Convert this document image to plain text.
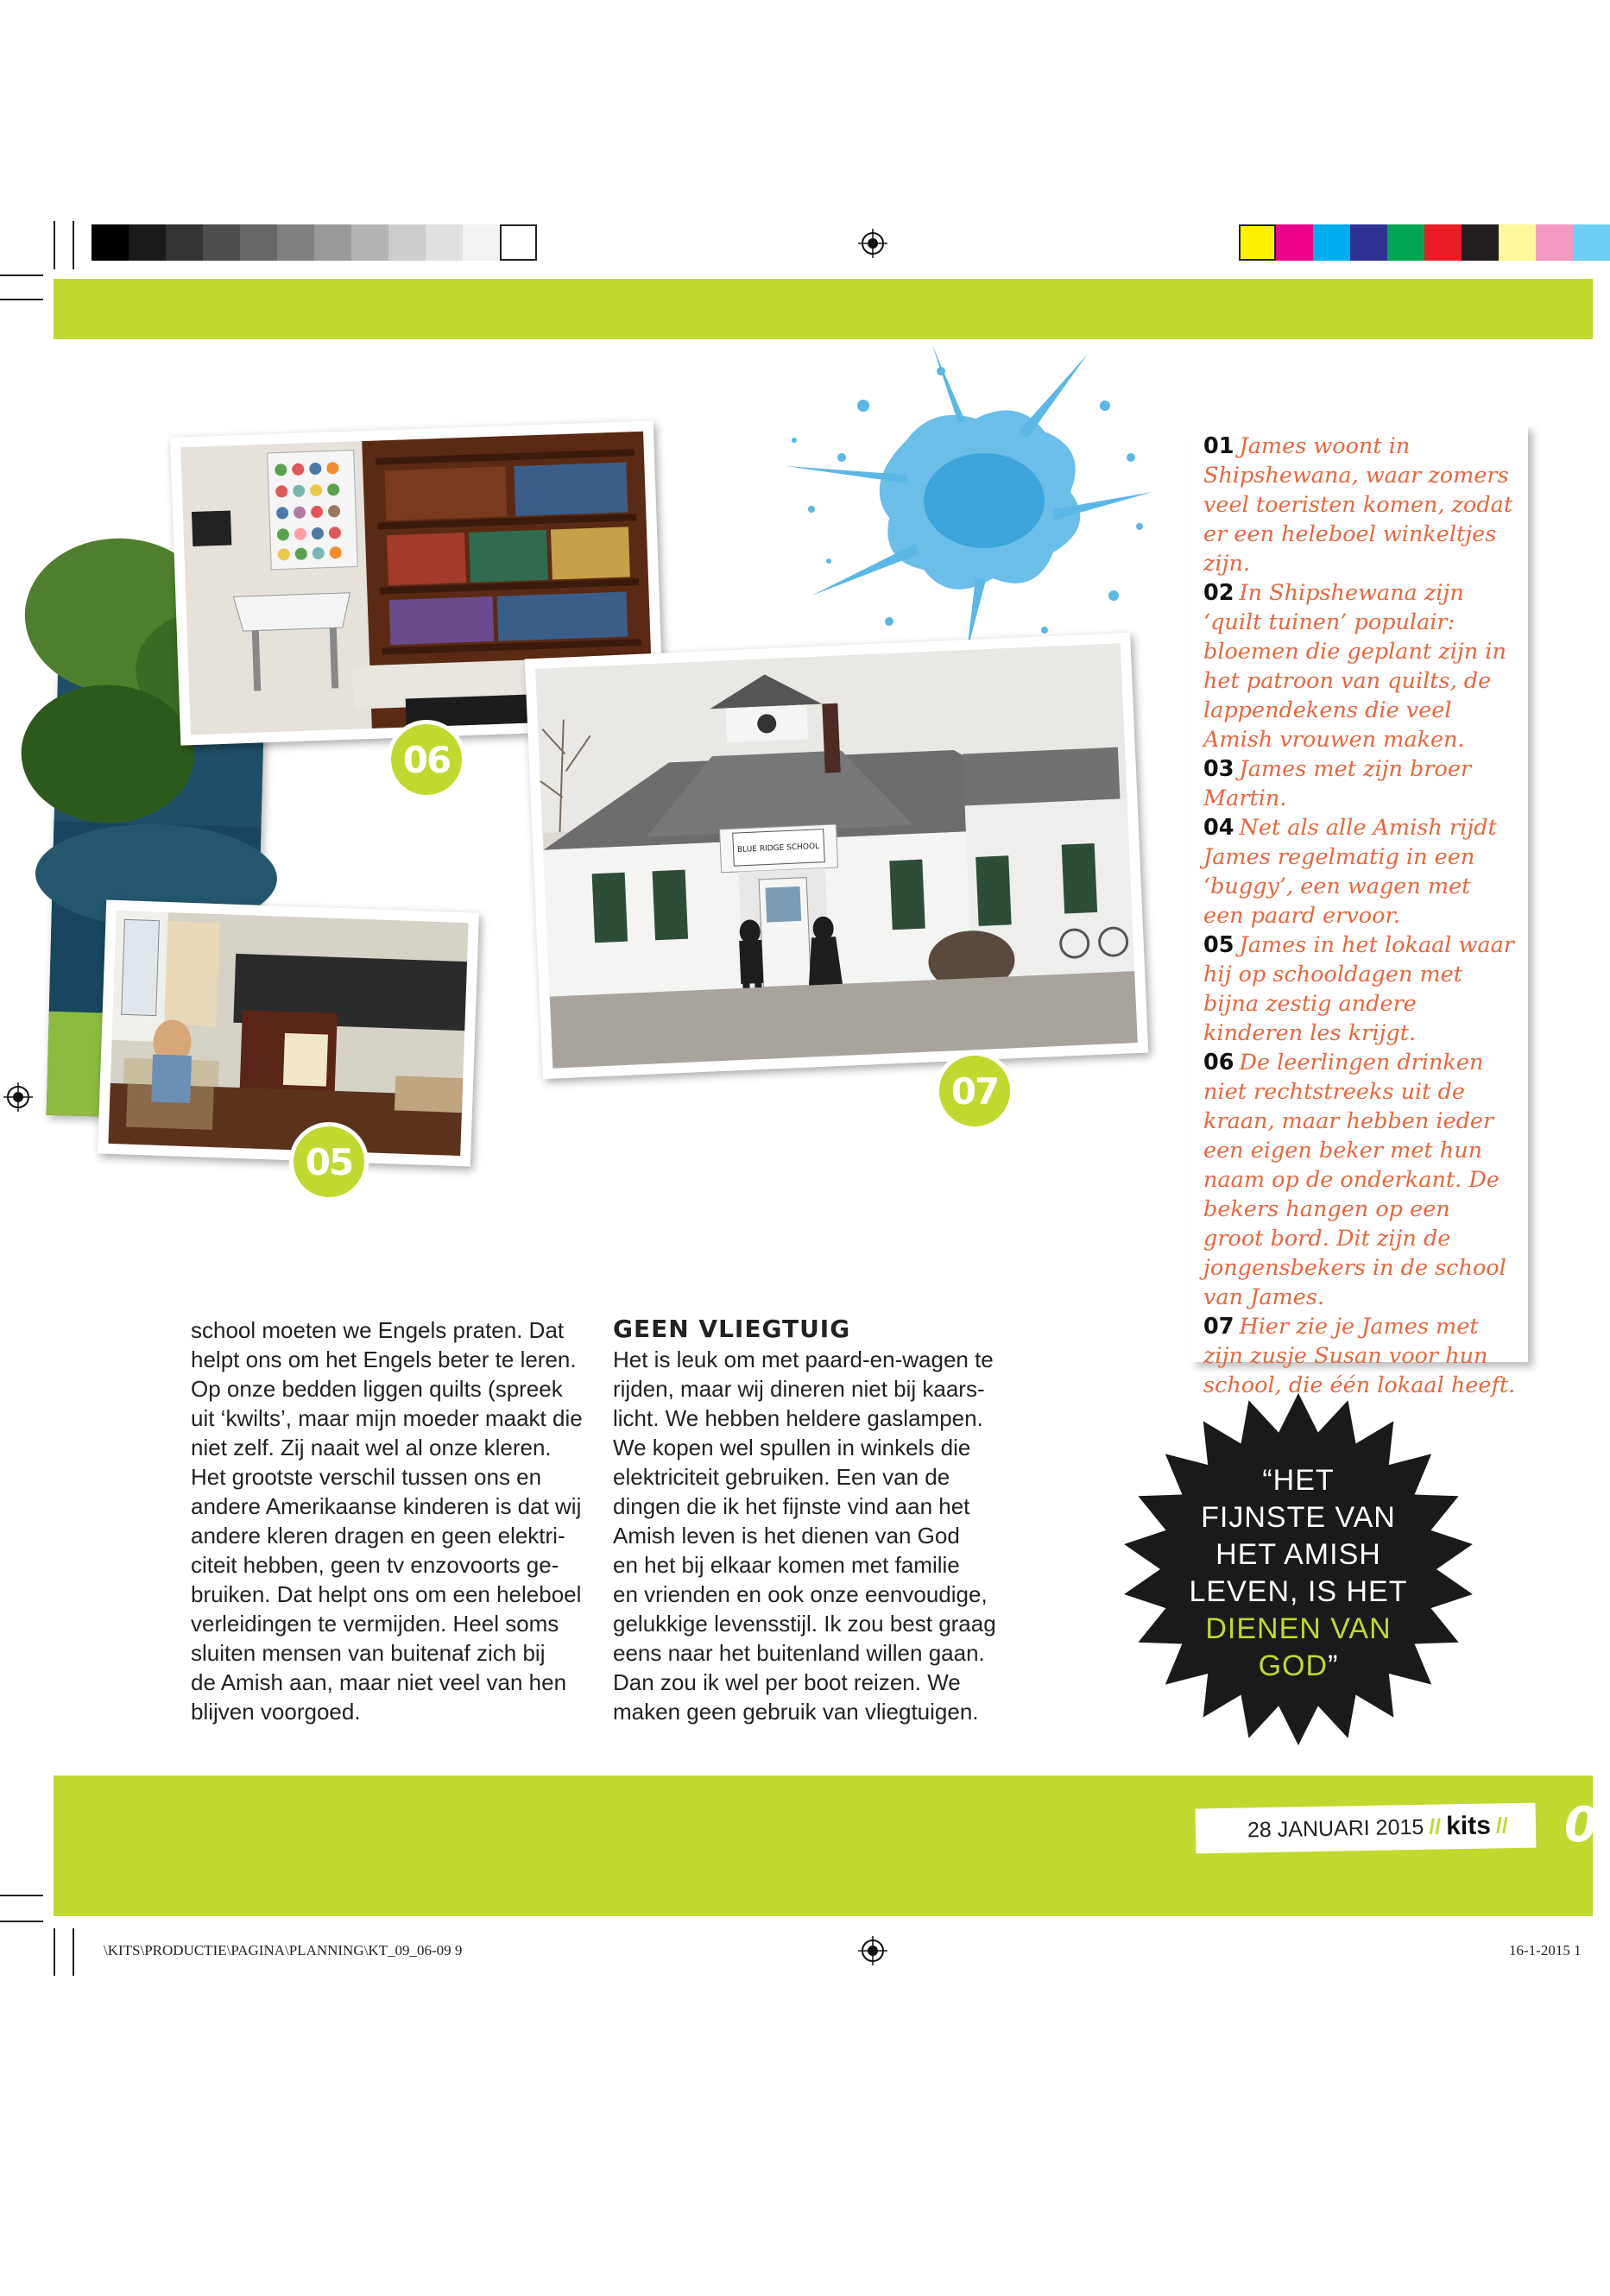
06
05
BLUE RIDGE SCHOOL
07
01 James woont in Shipshewana, waar zomers veel toeristen komen, zodat er een heleboel winkeltjes zijn.
02 In Shipshewana zijn ‘quilt tuinen’ populair: bloemen die geplant zijn in het patroon van quilts, de lappendekens die veel Amish vrouwen maken.
03 James met zijn broer Martin.
04 Net als alle Amish rijdt James regelmatig in een ‘buggy’, een wagen met een paard ervoor.
05 James in het lokaal waar hij op schooldagen met bijna zestig andere kinderen les krijgt.
06 De leerlingen drinken niet rechtstreeks uit de kraan, maar hebben ieder een eigen beker met hun naam op de onderkant. De bekers hangen op een groot bord. Dit zijn de jongensbekers in de school van James.
07 Hier zie je James met zijn zusje Susan voor hun school, die één lokaal heeft.

school moeten we Engels praten. Dat

helpt ons om het Engels beter te leren.

Op onze bedden liggen quilts (spreek

uit ‘kwilts’, maar mijn moeder maakt die

niet zelf. Zij naait wel al onze kleren.

Het grootste verschil tussen ons en

andere Amerikaanse kinderen is dat wij

andere kleren dragen en geen elektri-

citeit hebben, geen tv enzovoorts ge-

bruiken. Dat helpt ons om een heleboel

verleidingen te vermijden. Heel soms

sluiten mensen van buitenaf zich bij

de Amish aan, maar niet veel van hen

blijven voorgoed.

GEEN VLIEGTUIG

Het is leuk om met paard-en-wagen te

rijden, maar wij dineren niet bij kaars-

licht. We hebben heldere gaslampen.

We kopen wel spullen in winkels die

elektriciteit gebruiken. Een van de

dingen die ik het fijnste vind aan het

Amish leven is het dienen van God

en het bij elkaar komen met familie

en vrienden en ook onze eenvoudige,

gelukkige levensstijl. Ik zou best graag

eens naar het buitenland willen gaan.

Dan zou ik wel per boot reizen. We

maken geen gebruik van vliegtuigen.

“HET
FIJNSTE VAN
HET AMISH
LEVEN, IS HET
DIENEN VAN
GOD”
28 JANUARI 2015 // kits // 0
\KITS\PRODUCTIE\PAGINA\PLANNING\KT_09_06-09 9	16-1-2015 1
